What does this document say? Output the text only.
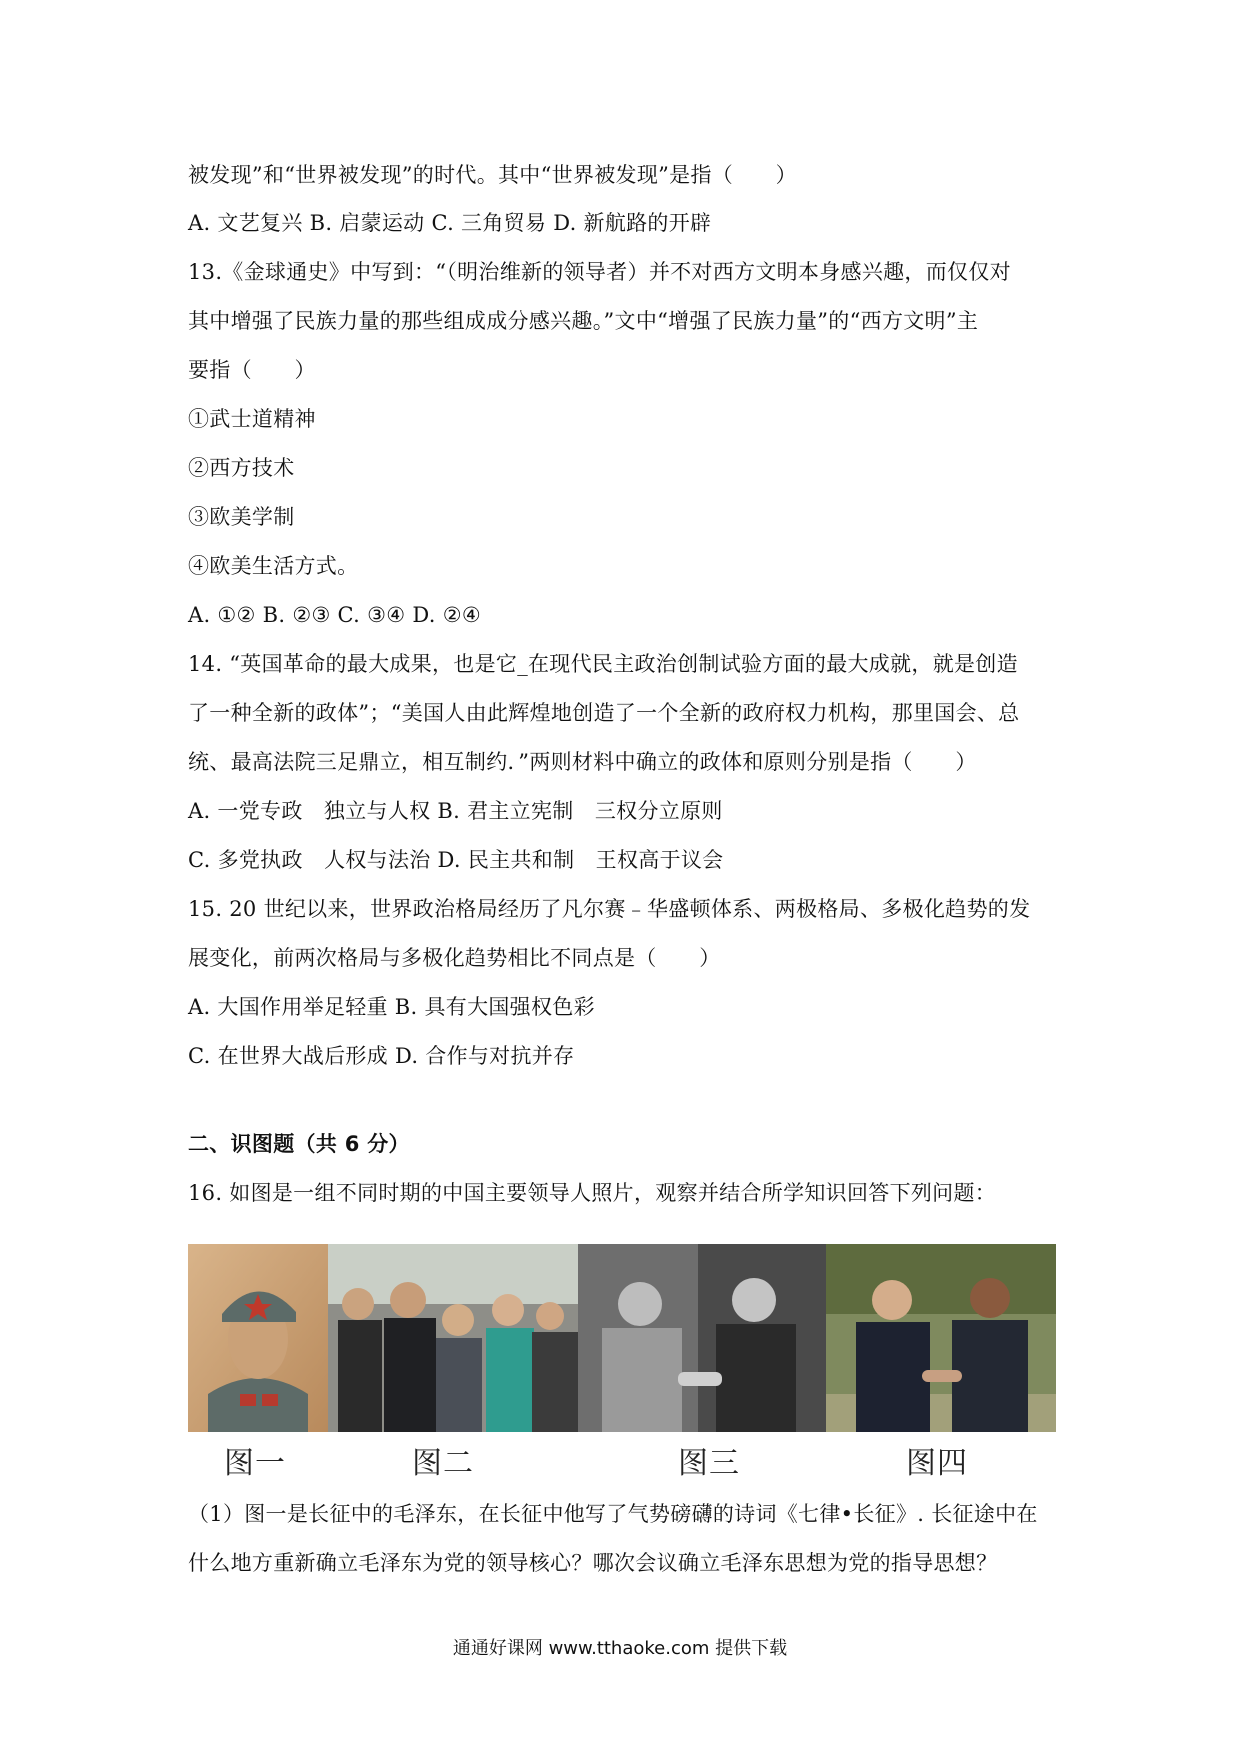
被发现”和“世界被发现”的时代。其中“世界被发现”是指（　　）
A. 文艺复兴 B. 启蒙运动 C. 三角贸易 D. 新航路的开辟
13.《金球通史》中写到：“（明治维新的领导者）并不对西方文明本身感兴趣，而仅仅对
其中增强了民族力量的那些组成成分感兴趣。”文中“增强了民族力量”的“西方文明”主
要指（　　）
①武士道精神
②西方技术
③欧美学制
④欧美生活方式。
A. ①② B. ②③ C. ③④ D. ②④
14. “英国革命的最大成果，也是它_在现代民主政治创制试验方面的最大成就，就是创造
了一种全新的政体”；“美国人由此辉煌地创造了一个全新的政府权力机构，那里国会、总
统、最高法院三足鼎立，相互制约．”两则材料中确立的政体和原则分别是指（　　）
A. 一党专政　独立与人权 B. 君主立宪制　三权分立原则
C. 多党执政　人权与法治 D. 民主共和制　王权高于议会
15. 20 世纪以来，世界政治格局经历了凡尔赛﹣华盛顿体系、两极格局、多极化趋势的发
展变化，前两次格局与多极化趋势相比不同点是（　　）
A. 大国作用举足轻重 B. 具有大国强权色彩
C. 在世界大战后形成 D. 合作与对抗并存
二、识图题（共 6 分）
16. 如图是一组不同时期的中国主要领导人照片，观察并结合所学知识回答下列问题：
图一	图二	图三	图四
（1）图一是长征中的毛泽东，在长征中他写了气势磅礴的诗词《七律•长征》. 长征途中在
什么地方重新确立毛泽东为党的领导核心？哪次会议确立毛泽东思想为党的指导思想？
通通好课网 www.tthaoke.com 提供下载
